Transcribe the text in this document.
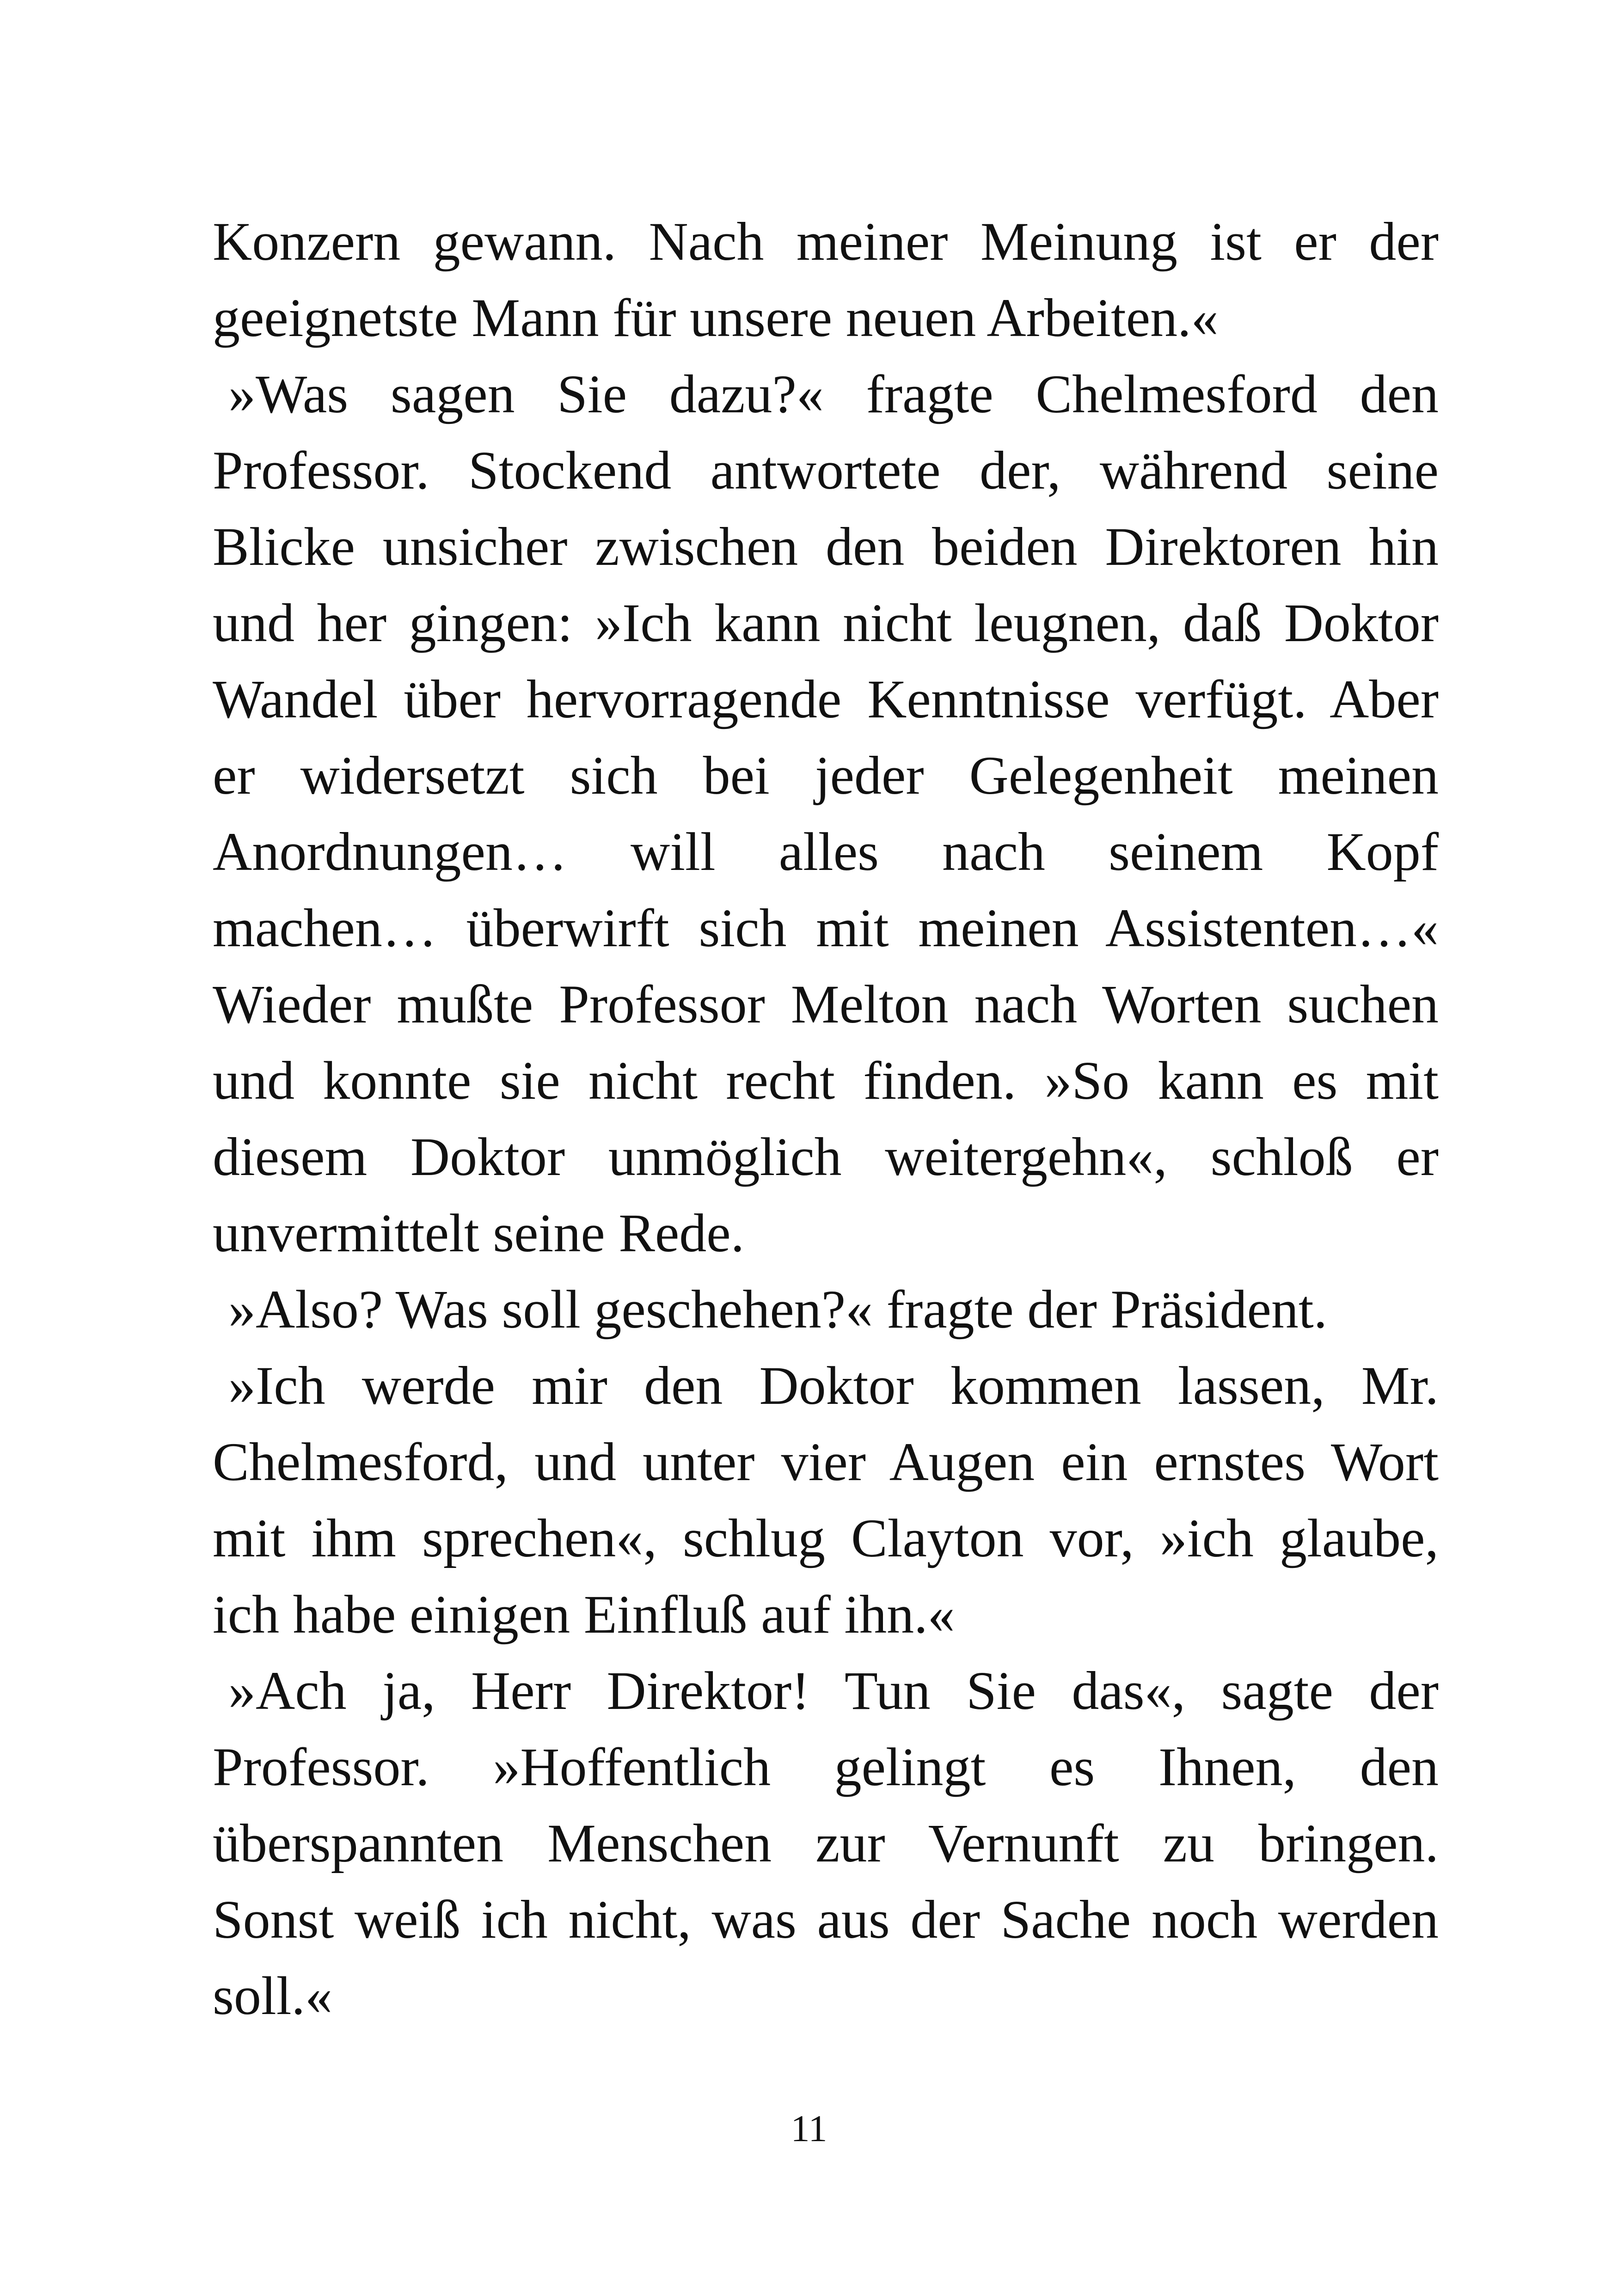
Konzern gewann. Nach meiner Meinung ist er der
geeignetste Mann für unsere neuen Arbeiten.«
»Was sagen Sie dazu?« fragte Chelmesford den
Professor. Stockend antwortete der, während seine
Blicke unsicher zwischen den beiden Direktoren hin
und her gingen: »Ich kann nicht leugnen, daß Doktor
Wandel über hervorragende Kenntnisse verfügt. Aber
er widersetzt sich bei jeder Gelegenheit meinen
Anordnungen… will alles nach seinem Kopf
machen… überwirft sich mit meinen Assistenten…«
Wieder mußte Professor Melton nach Worten suchen
und konnte sie nicht recht finden. »So kann es mit
diesem Doktor unmöglich weitergehn«, schloß er
unvermittelt seine Rede.
»Also? Was soll geschehen?« fragte der Präsident.
»Ich werde mir den Doktor kommen lassen, Mr.
Chelmesford, und unter vier Augen ein ernstes Wort
mit ihm sprechen«, schlug Clayton vor, »ich glaube,
ich habe einigen Einfluß auf ihn.«
»Ach ja, Herr Direktor! Tun Sie das«, sagte der
Professor. »Hoffentlich gelingt es Ihnen, den
überspannten Menschen zur Vernunft zu bringen.
Sonst weiß ich nicht, was aus der Sache noch werden
soll.«
11
